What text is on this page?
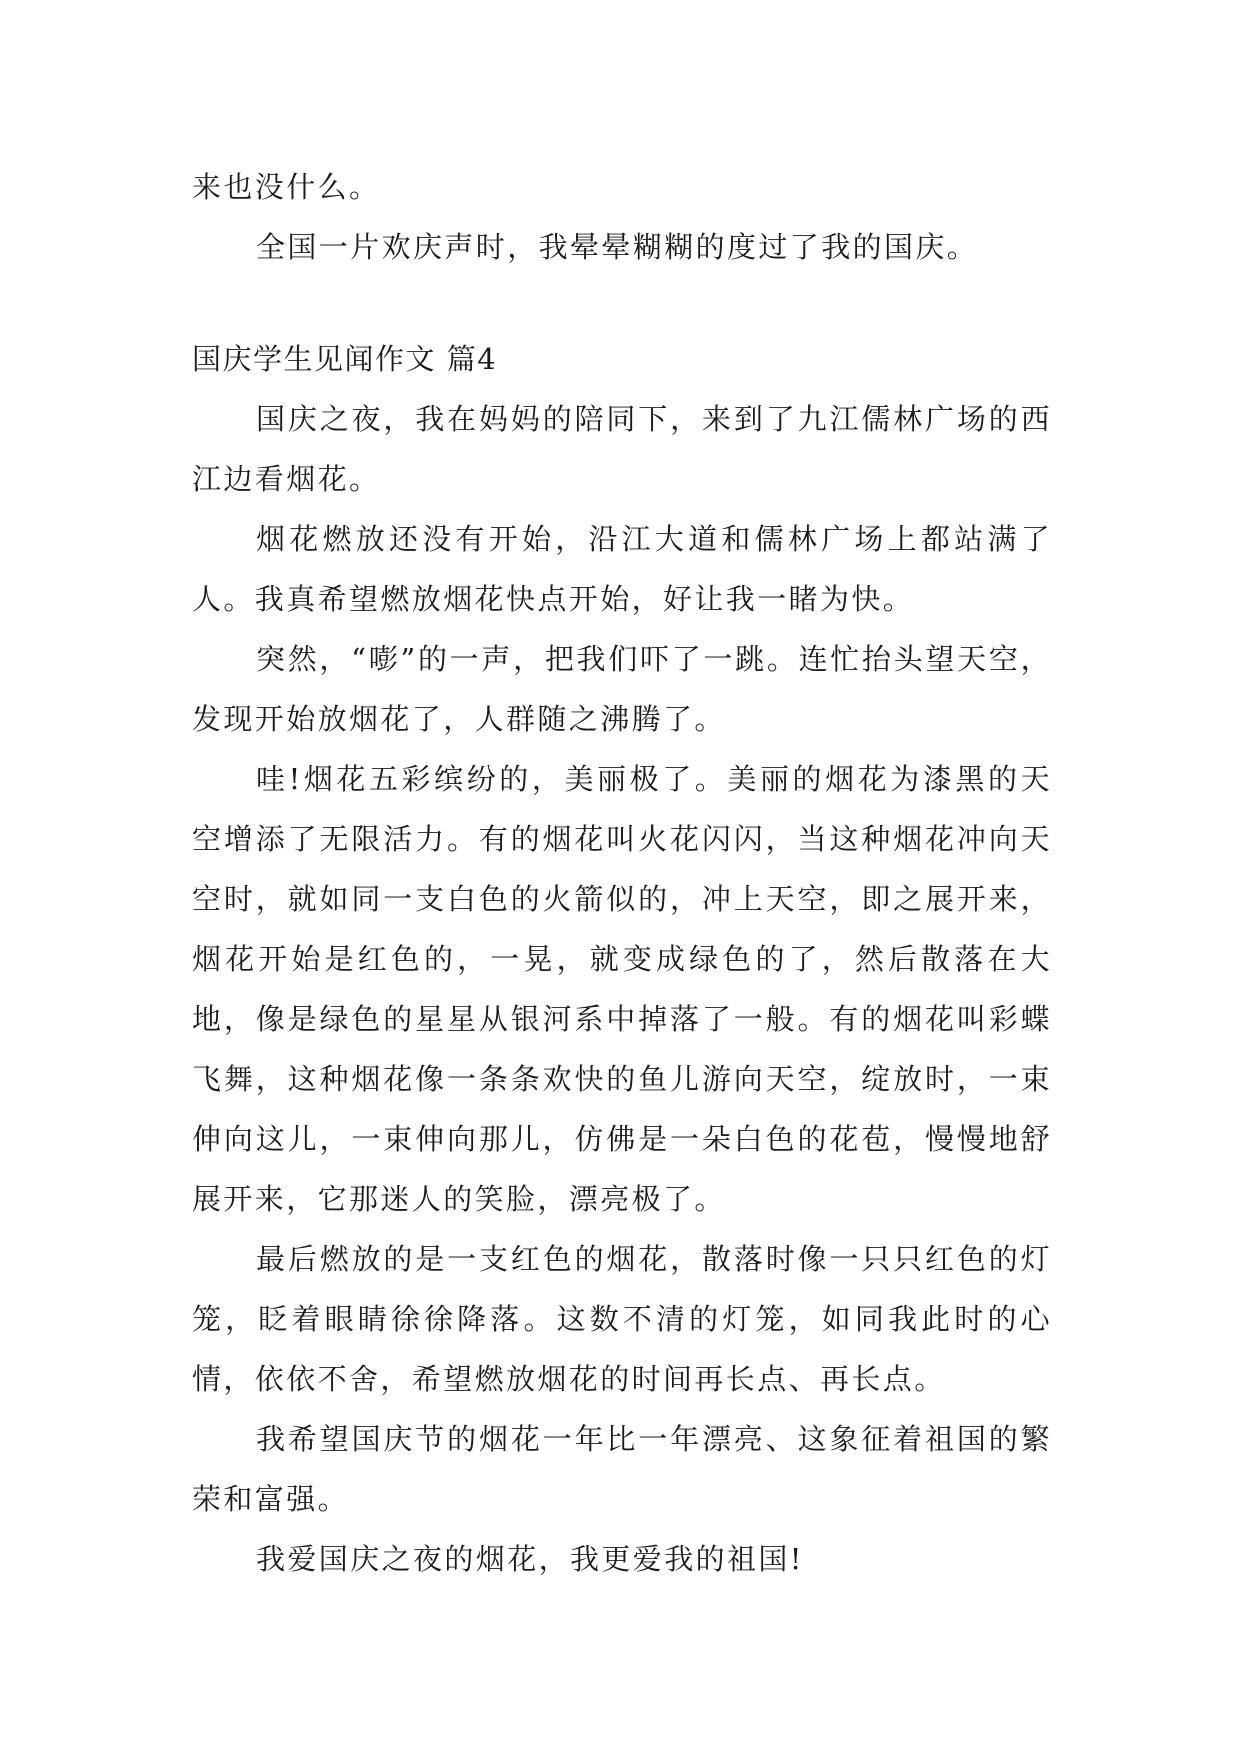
来也没什么。

全国一片欢庆声时，我晕晕糊糊的度过了我的国庆。

国庆学生见闻作文 篇4

国庆之夜，我在妈妈的陪同下，来到了九江儒林广场的西江边看烟花。

烟花燃放还没有开始，沿江大道和儒林广场上都站满了人。我真希望燃放烟花快点开始，好让我一睹为快。

突然，“嘭”的一声，把我们吓了一跳。连忙抬头望天空，发现开始放烟花了，人群随之沸腾了。

哇!烟花五彩缤纷的，美丽极了。美丽的烟花为漆黑的天空增添了无限活力。有的烟花叫火花闪闪，当这种烟花冲向天空时，就如同一支白色的火箭似的，冲上天空，即之展开来，烟花开始是红色的，一晃，就变成绿色的了，然后散落在大地，像是绿色的星星从银河系中掉落了一般。有的烟花叫彩蝶飞舞，这种烟花像一条条欢快的鱼儿游向天空，绽放时，一束伸向这儿，一束伸向那儿，仿佛是一朵白色的花苞，慢慢地舒展开来，它那迷人的笑脸，漂亮极了。

最后燃放的是一支红色的烟花，散落时像一只只红色的灯笼，眨着眼睛徐徐降落。这数不清的灯笼，如同我此时的心情，依依不舍，希望燃放烟花的时间再长点、再长点。

我希望国庆节的烟花一年比一年漂亮、这象征着祖国的繁荣和富强。

我爱国庆之夜的烟花，我更爱我的祖国!
